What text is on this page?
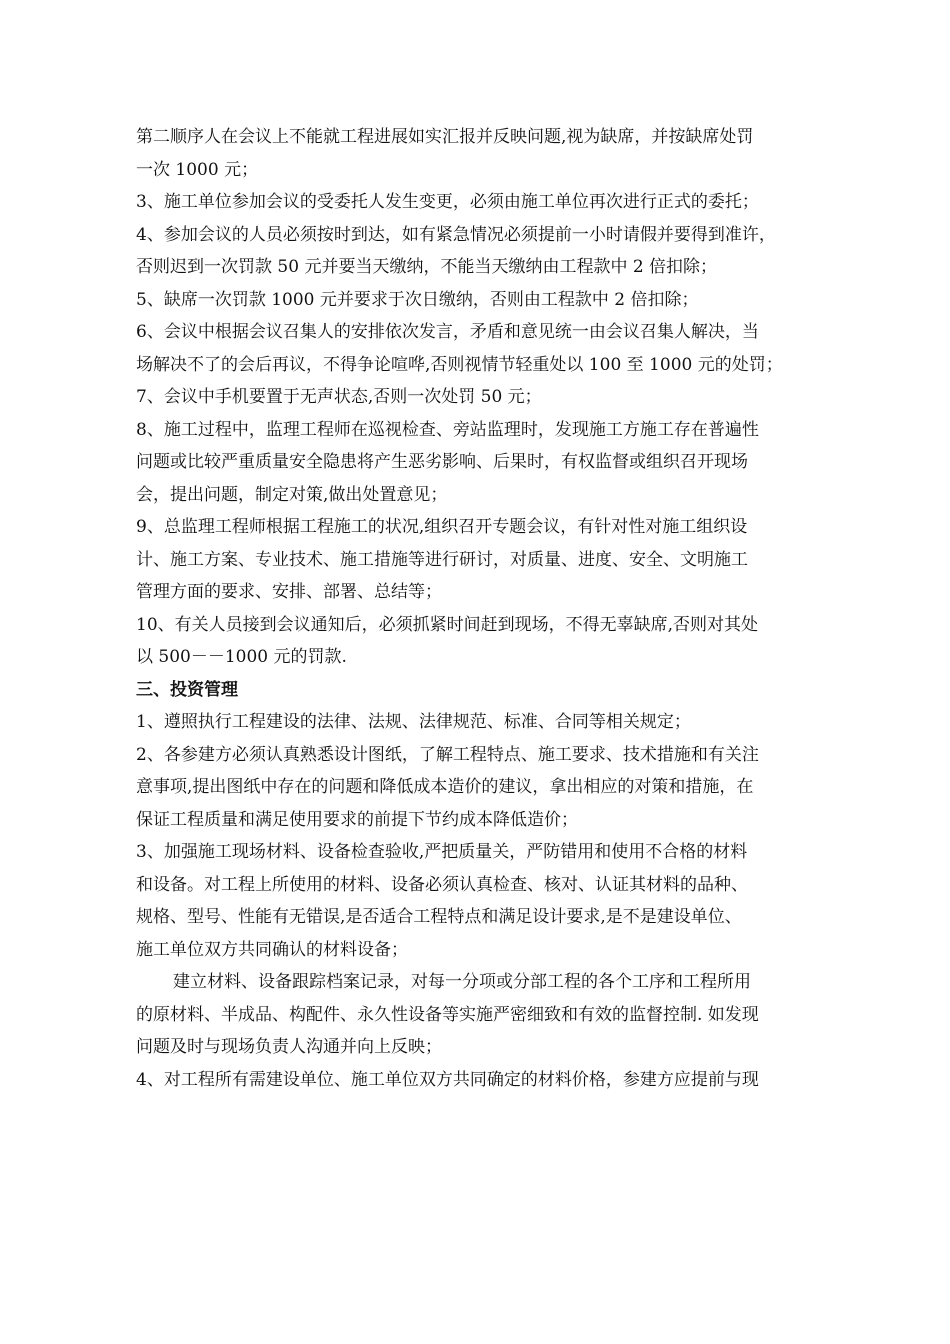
第二顺序人在会议上不能就工程进展如实汇报并反映问题,视为缺席，并按缺席处罚
一次 1000 元；
3、施工单位参加会议的受委托人发生变更，必须由施工单位再次进行正式的委托；
4、参加会议的人员必须按时到达，如有紧急情况必须提前一小时请假并要得到准许，
否则迟到一次罚款 50 元并要当天缴纳，不能当天缴纳由工程款中 2 倍扣除；
5、缺席一次罚款 1000 元并要求于次日缴纳，否则由工程款中 2 倍扣除；
6、会议中根据会议召集人的安排依次发言，矛盾和意见统一由会议召集人解决，当
场解决不了的会后再议，不得争论喧哗,否则视情节轻重处以 100 至 1000 元的处罚；
7、会议中手机要置于无声状态,否则一次处罚 50 元；
8、施工过程中，监理工程师在巡视检查、旁站监理时，发现施工方施工存在普遍性
问题或比较严重质量安全隐患将产生恶劣影响、后果时，有权监督或组织召开现场
会，提出问题，制定对策,做出处置意见；
9、总监理工程师根据工程施工的状况,组织召开专题会议，有针对性对施工组织设
计、施工方案、专业技术、施工措施等进行研讨，对质量、进度、安全、文明施工
管理方面的要求、安排、部署、总结等；
10、有关人员接到会议通知后，必须抓紧时间赶到现场，不得无辜缺席,否则对其处
以 500－－1000 元的罚款.
三、投资管理
1、遵照执行工程建设的法律、法规、法律规范、标准、合同等相关规定；
2、各参建方必须认真熟悉设计图纸，了解工程特点、施工要求、技术措施和有关注
意事项,提出图纸中存在的问题和降低成本造价的建议，拿出相应的对策和措施，在
保证工程质量和满足使用要求的前提下节约成本降低造价；
3、加强施工现场材料、设备检查验收,严把质量关，严防错用和使用不合格的材料
和设备。对工程上所使用的材料、设备必须认真检查、核对、认证其材料的品种、
规格、型号、性能有无错误,是否适合工程特点和满足设计要求,是不是建设单位、
施工单位双方共同确认的材料设备；
建立材料、设备跟踪档案记录，对每一分项或分部工程的各个工序和工程所用
的原材料、半成品、构配件、永久性设备等实施严密细致和有效的监督控制. 如发现
问题及时与现场负责人沟通并向上反映；
4、对工程所有需建设单位、施工单位双方共同确定的材料价格，参建方应提前与现
